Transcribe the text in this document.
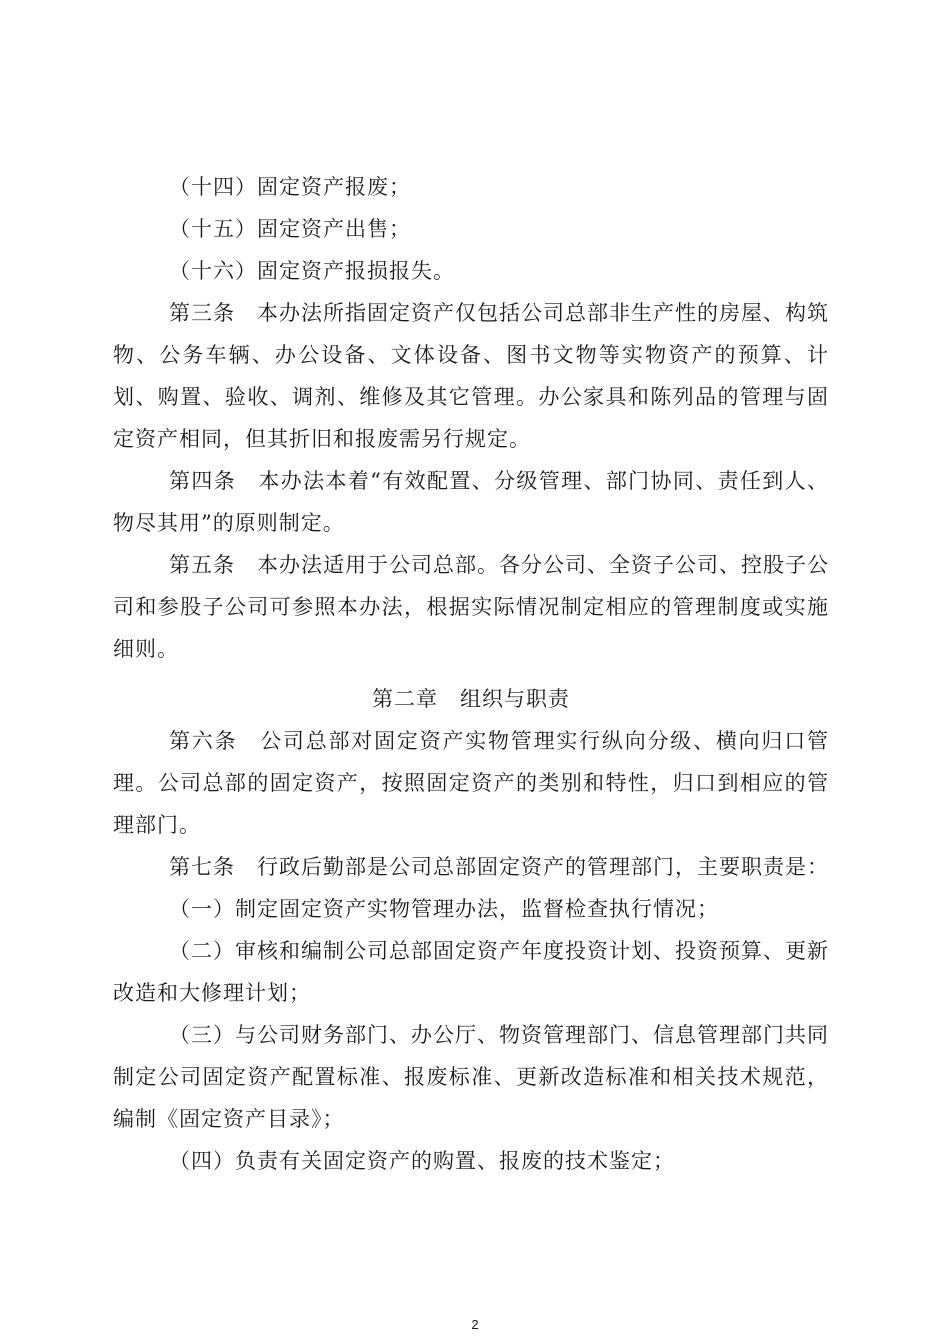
（十四）固定资产报废；

（十五）固定资产出售；

（十六）固定资产报损报失。

第三条　本办法所指固定资产仅包括公司总部非生产性的房屋、构筑物、公务车辆、办公设备、文体设备、图书文物等实物资产的预算、计划、购置、验收、调剂、维修及其它管理。办公家具和陈列品的管理与固定资产相同，但其折旧和报废需另行规定。

第四条　本办法本着“有效配置、分级管理、部门协同、责任到人、物尽其用”的原则制定。

第五条　本办法适用于公司总部。各分公司、全资子公司、控股子公司和参股子公司可参照本办法，根据实际情况制定相应的管理制度或实施细则。

第二章　组织与职责

第六条　公司总部对固定资产实物管理实行纵向分级、横向归口管理。公司总部的固定资产，按照固定资产的类别和特性，归口到相应的管理部门。

第七条　行政后勤部是公司总部固定资产的管理部门，主要职责是：

（一）制定固定资产实物管理办法，监督检查执行情况；

（二）审核和编制公司总部固定资产年度投资计划、投资预算、更新改造和大修理计划；

（三）与公司财务部门、办公厅、物资管理部门、信息管理部门共同制定公司固定资产配置标准、报废标准、更新改造标准和相关技术规范，编制《固定资产目录》；

（四）负责有关固定资产的购置、报废的技术鉴定；

2
